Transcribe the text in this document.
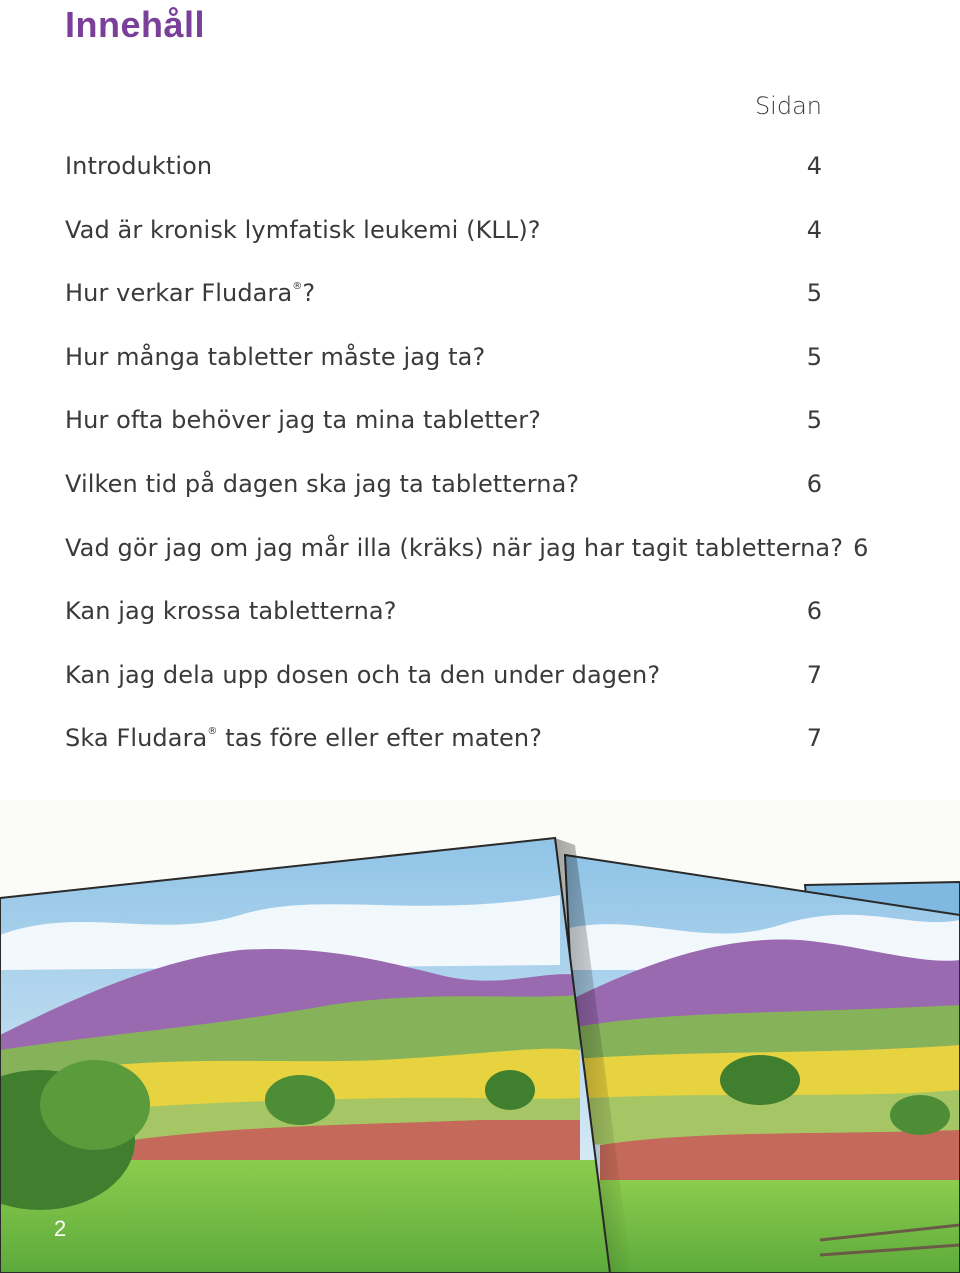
Innehåll
Sidan
Introduktion	4
Vad är kronisk lymfatisk leukemi (KLL)?	4
Hur verkar Fludara®?	5
Hur många tabletter måste jag ta?	5
Hur ofta behöver jag ta mina tabletter?	5
Vilken tid på dagen ska jag ta tabletterna?	6
Vad gör jag om jag mår illa (kräks) när jag har tagit tabletterna? 6
Kan jag krossa tabletterna?	6
Kan jag dela upp dosen och ta den under dagen?	7
Ska Fludara® tas före eller efter maten?	7
2
